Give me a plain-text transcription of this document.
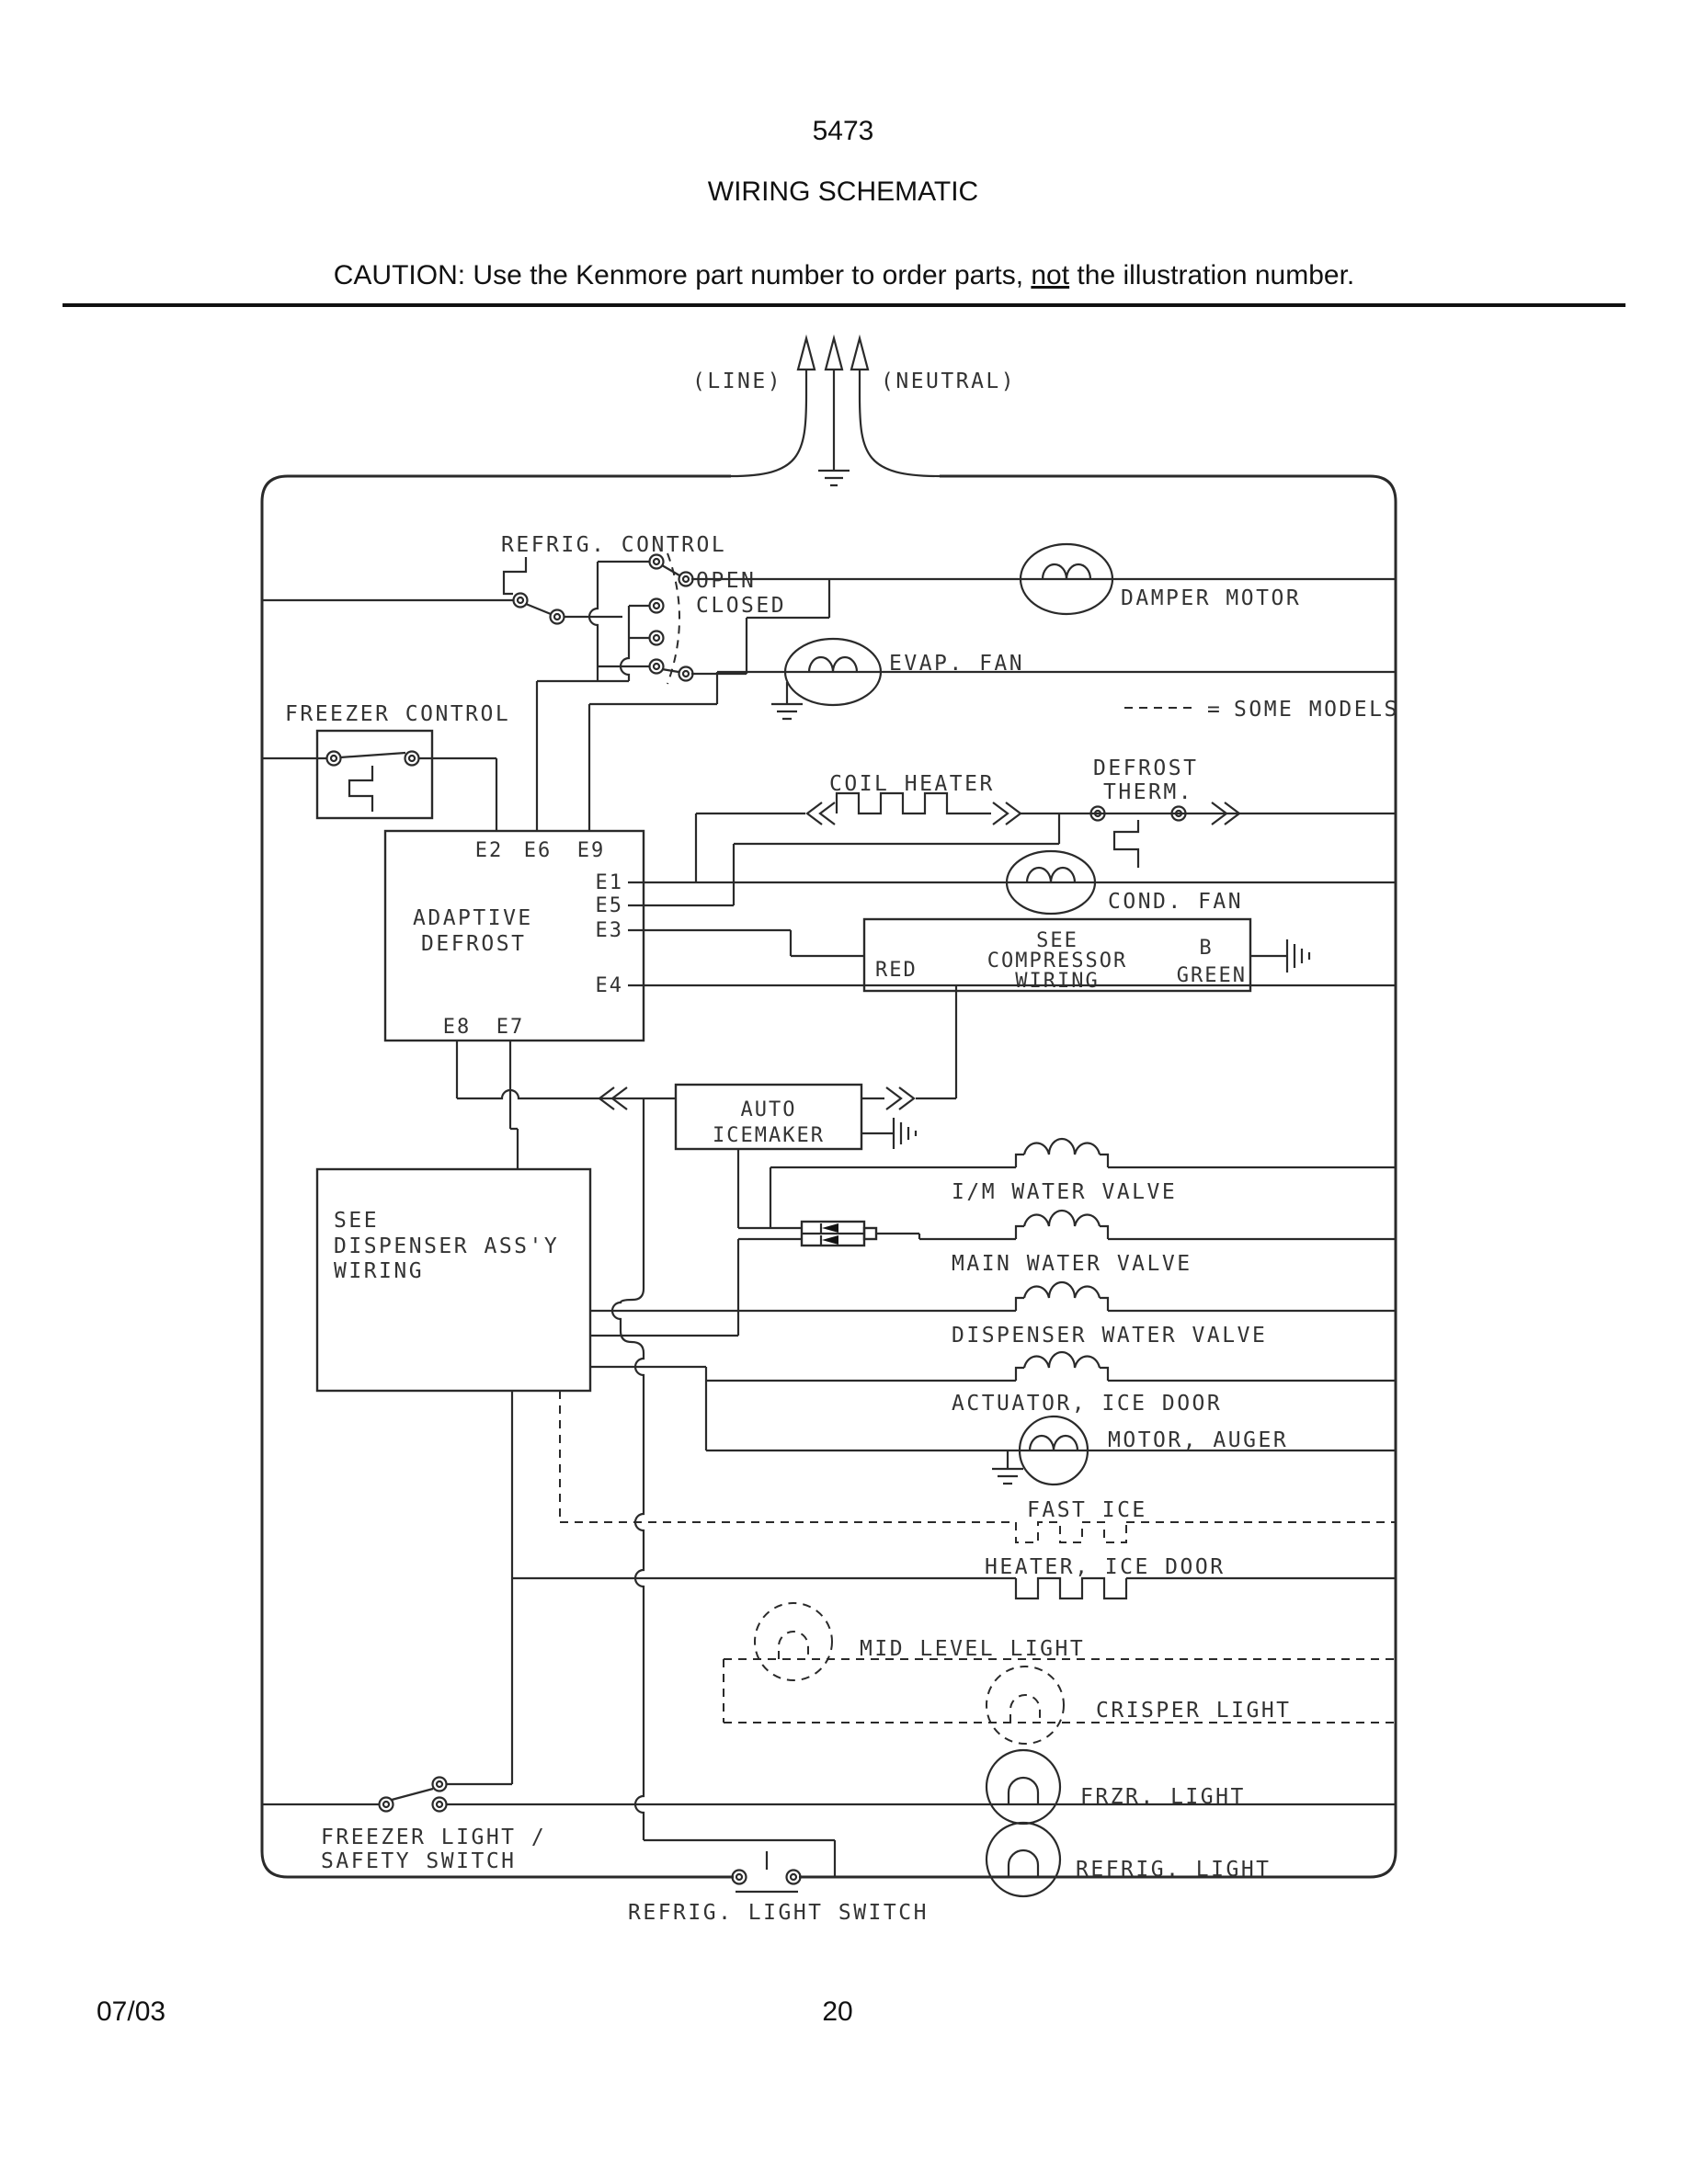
5473
WIRING SCHEMATIC
CAUTION: Use the Kenmore part number to order parts, not the illustration number.
(LINE)	(NEUTRAL)
= SOME MODELS
REFRIG. CONTROL
OPEN
CLOSED	DAMPER MOTOR
EVAP. FAN
FREEZER CONTROL
E2 E6 E9
ADAPTIVE
DEFROST
E1
E5
E3
E4
E8 E7
COIL HEATER
DEFROST
THERM.
COND. FAN
SEE
COMPRESSOR
WIRING
RED
B
GREEN
AUTO
ICEMAKER
I/M WATER VALVE
MAIN WATER VALVE
DISPENSER WATER VALVE
ACTUATOR, ICE DOOR
SEE
DISPENSER ASS'Y
WIRING
MOTOR, AUGER
FAST ICE
HEATER, ICE DOOR
MID LEVEL LIGHT
CRISPER LIGHT
FRZR. LIGHT
FREEZER LIGHT /
SAFETY SWITCH	REFRIG. LIGHT
REFRIG. LIGHT SWITCH
07/03	20
